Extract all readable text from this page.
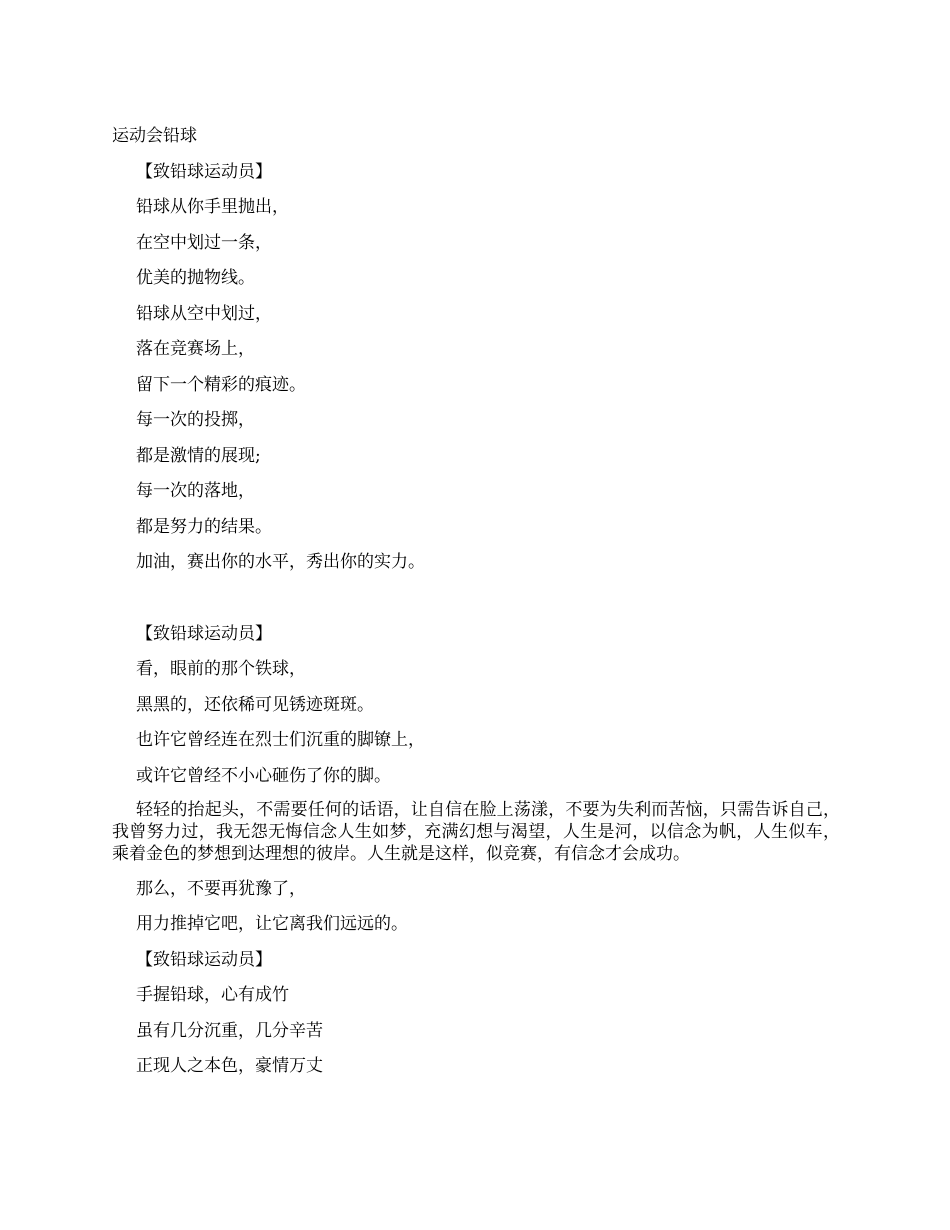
运动会铅球
【致铅球运动员】
铅球从你手里抛出，
在空中划过一条，
优美的抛物线。
铅球从空中划过，
落在竞赛场上，
留下一个精彩的痕迹。
每一次的投掷，
都是激情的展现;
每一次的落地，
都是努力的结果。
加油，赛出你的水平，秀出你的实力。
【致铅球运动员】
看，眼前的那个铁球，
黑黑的，还依稀可见锈迹斑斑。
也许它曾经连在烈士们沉重的脚镣上，
或许它曾经不小心砸伤了你的脚。
轻轻的抬起头，不需要任何的话语，让自信在脸上荡漾，不要为失利而苦恼，只需告诉自己，我曾努力过，我无怨无悔信念人生如梦，充满幻想与渴望，人生是河，以信念为帆，人生似车，乘着金色的梦想到达理想的彼岸。人生就是这样，似竞赛，有信念才会成功。
那么，不要再犹豫了，
用力推掉它吧，让它离我们远远的。
【致铅球运动员】
手握铅球，心有成竹
虽有几分沉重，几分辛苦
正现人之本色，豪情万丈
